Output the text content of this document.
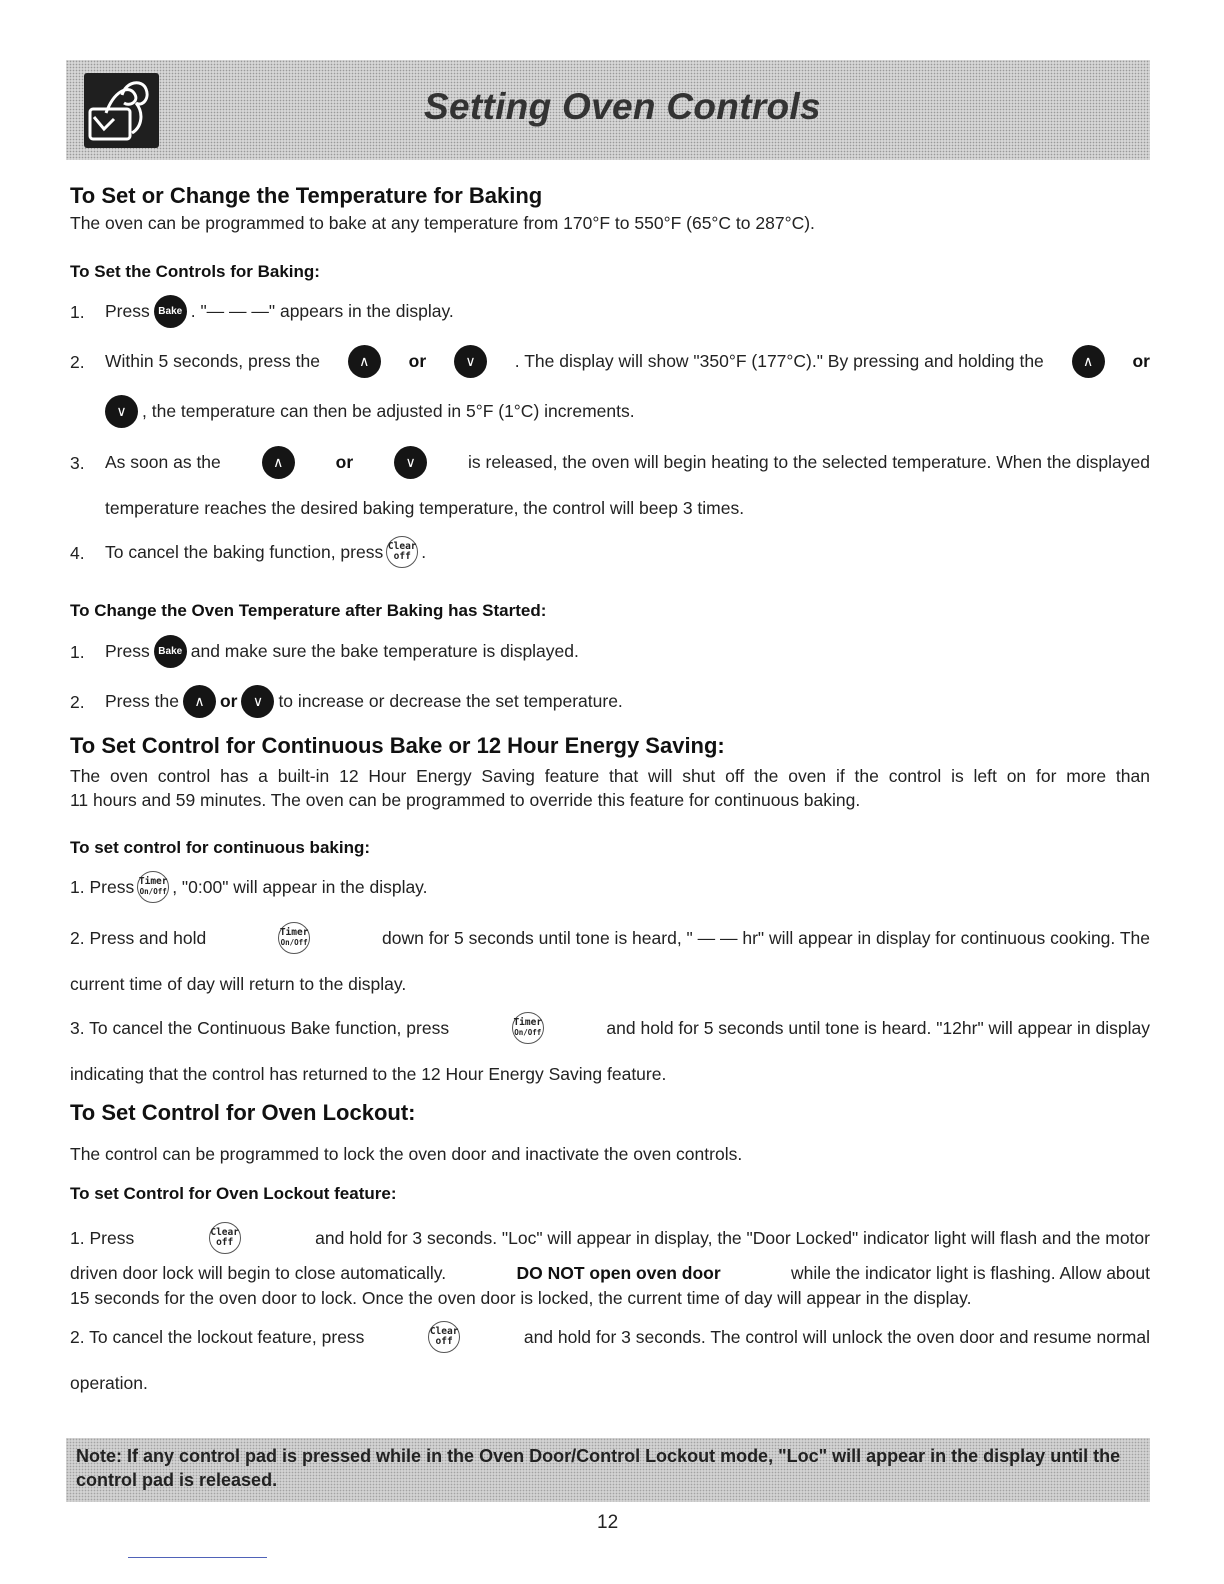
Setting Oven Controls
To Set or Change the Temperature for Baking
The oven can be programmed to bake at any temperature from 170°F to 550°F (65°C to 287°C).
To Set the Controls for Baking:
1. Press Bake . "— — —" appears in the display.
2. Within 5 seconds, press the	∧	or	∨	. The display will show "350°F (177°C)." By pressing and holding the	∧	or
∨ , the temperature can then be adjusted in 5°F (1°C) increments.
3. As soon as the	∧	or	∨	is released, the oven will begin heating to the selected temperature. When the displayed
temperature reaches the desired baking temperature, the control will beep 3 times.
4. To cancel the baking function, press Clear
off .
To Change the Oven Temperature after Baking has Started:
1. Press Bake and make sure the bake temperature is displayed.
2. Press the	∧ or	∨ to increase or decrease the set temperature.
To Set Control for Continuous Bake or 12 Hour Energy Saving:
The oven control has a built-in 12 Hour Energy Saving feature that will shut off the oven if the control is left on for more than
11 hours and 59 minutes. The oven can be programmed to override this feature for continuous baking.
To set control for continuous baking:
1. Press Timer
On/Off , "0:00" will appear in the display.
2. Press and hold	Timer
On/Off	down for 5 seconds until tone is heard, " — — hr" will appear in display for continuous cooking. The
current time of day will return to the display.
3. To cancel the Continuous Bake function, press	Timer
On/Off	and hold for 5 seconds until tone is heard. "12hr" will appear in display
indicating that the control has returned to the 12 Hour Energy Saving feature.
To Set Control for Oven Lockout:
The control can be programmed to lock the oven door and inactivate the oven controls.
To set Control for Oven Lockout feature:
1. Press	Clear
off	and hold for 3 seconds. "Loc" will appear in display, the "Door Locked" indicator light will flash and the motor
driven door lock will begin to close automatically.	DO NOT open oven door	while the indicator light is flashing. Allow about
15 seconds for the oven door to lock. Once the oven door is locked, the current time of day will appear in the display.
2. To cancel the lockout feature, press	Clear
off	and hold for 3 seconds. The control will unlock the oven door and resume normal
operation.
Note: If any control pad is pressed while in the Oven Door/Control Lockout mode, "Loc" will appear in the display until the control pad is released.
12
